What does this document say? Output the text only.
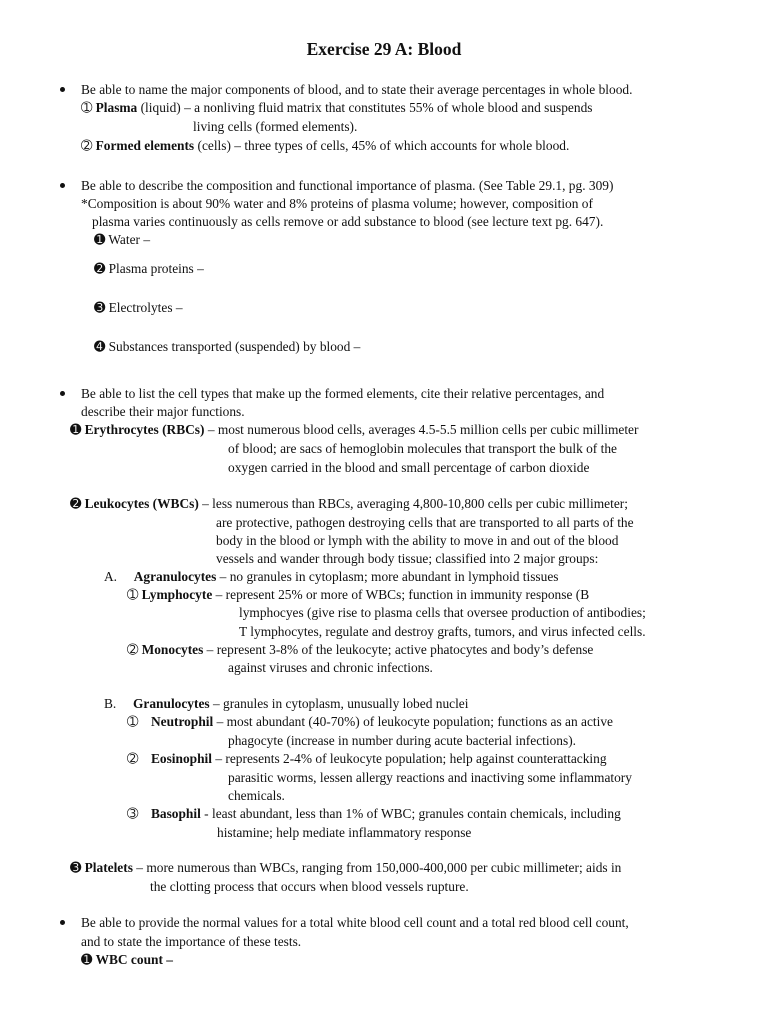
Exercise 29 A: Blood
Be able to name the major components of blood, and to state their average percentages in whole blood.
➀ Plasma (liquid) – a nonliving fluid matrix that constitutes 55% of whole blood and suspends
living cells (formed elements).
➁ Formed elements (cells) – three types of cells, 45% of which accounts for whole blood.
Be able to describe the composition and functional importance of plasma. (See Table 29.1, pg. 309)
*Composition is about 90% water and 8% proteins of plasma volume; however, composition of
plasma varies continuously as cells remove or add substance to blood (see lecture text pg. 647).
➊ Water –
➋ Plasma proteins –
➌ Electrolytes –
➍ Substances transported (suspended) by blood –
Be able to list the cell types that make up the formed elements, cite their relative percentages, and
describe their major functions.
➊ Erythrocytes (RBCs) – most numerous blood cells, averages 4.5-5.5 million cells per cubic millimeter
of blood; are sacs of hemoglobin molecules that transport the bulk of the
oxygen carried in the blood and small percentage of carbon dioxide
➋ Leukocytes (WBCs) – less numerous than RBCs, averaging 4,800-10,800 cells per cubic millimeter;
are protective, pathogen destroying cells that are transported to all parts of the
body in the blood or lymph with the ability to move in and out of the blood
vessels and wander through body tissue; classified into 2 major groups:
A. Agranulocytes – no granules in cytoplasm; more abundant in lymphoid tissues
➀ Lymphocyte – represent 25% or more of WBCs; function in immunity response (B
lymphocyes (give rise to plasma cells that oversee production of antibodies;
T lymphocytes, regulate and destroy grafts, tumors, and virus infected cells.
➁ Monocytes – represent 3-8% of the leukocyte; active phatocytes and body’s defense
against viruses and chronic infections.
B. Granulocytes – granules in cytoplasm, unusually lobed nuclei
➀ Neutrophil – most abundant (40-70%) of leukocyte population; functions as an active
phagocyte (increase in number during acute bacterial infections).
➁ Eosinophil – represents 2-4% of leukocyte population; help against counterattacking
parasitic worms, lessen allergy reactions and inactiving some inflammatory
chemicals.
➂ Basophil - least abundant, less than 1% of WBC; granules contain chemicals, including
histamine; help mediate inflammatory response
➌ Platelets – more numerous than WBCs, ranging from 150,000-400,000 per cubic millimeter; aids in
the clotting process that occurs when blood vessels rupture.
Be able to provide the normal values for a total white blood cell count and a total red blood cell count,
and to state the importance of these tests.
➊ WBC count –
